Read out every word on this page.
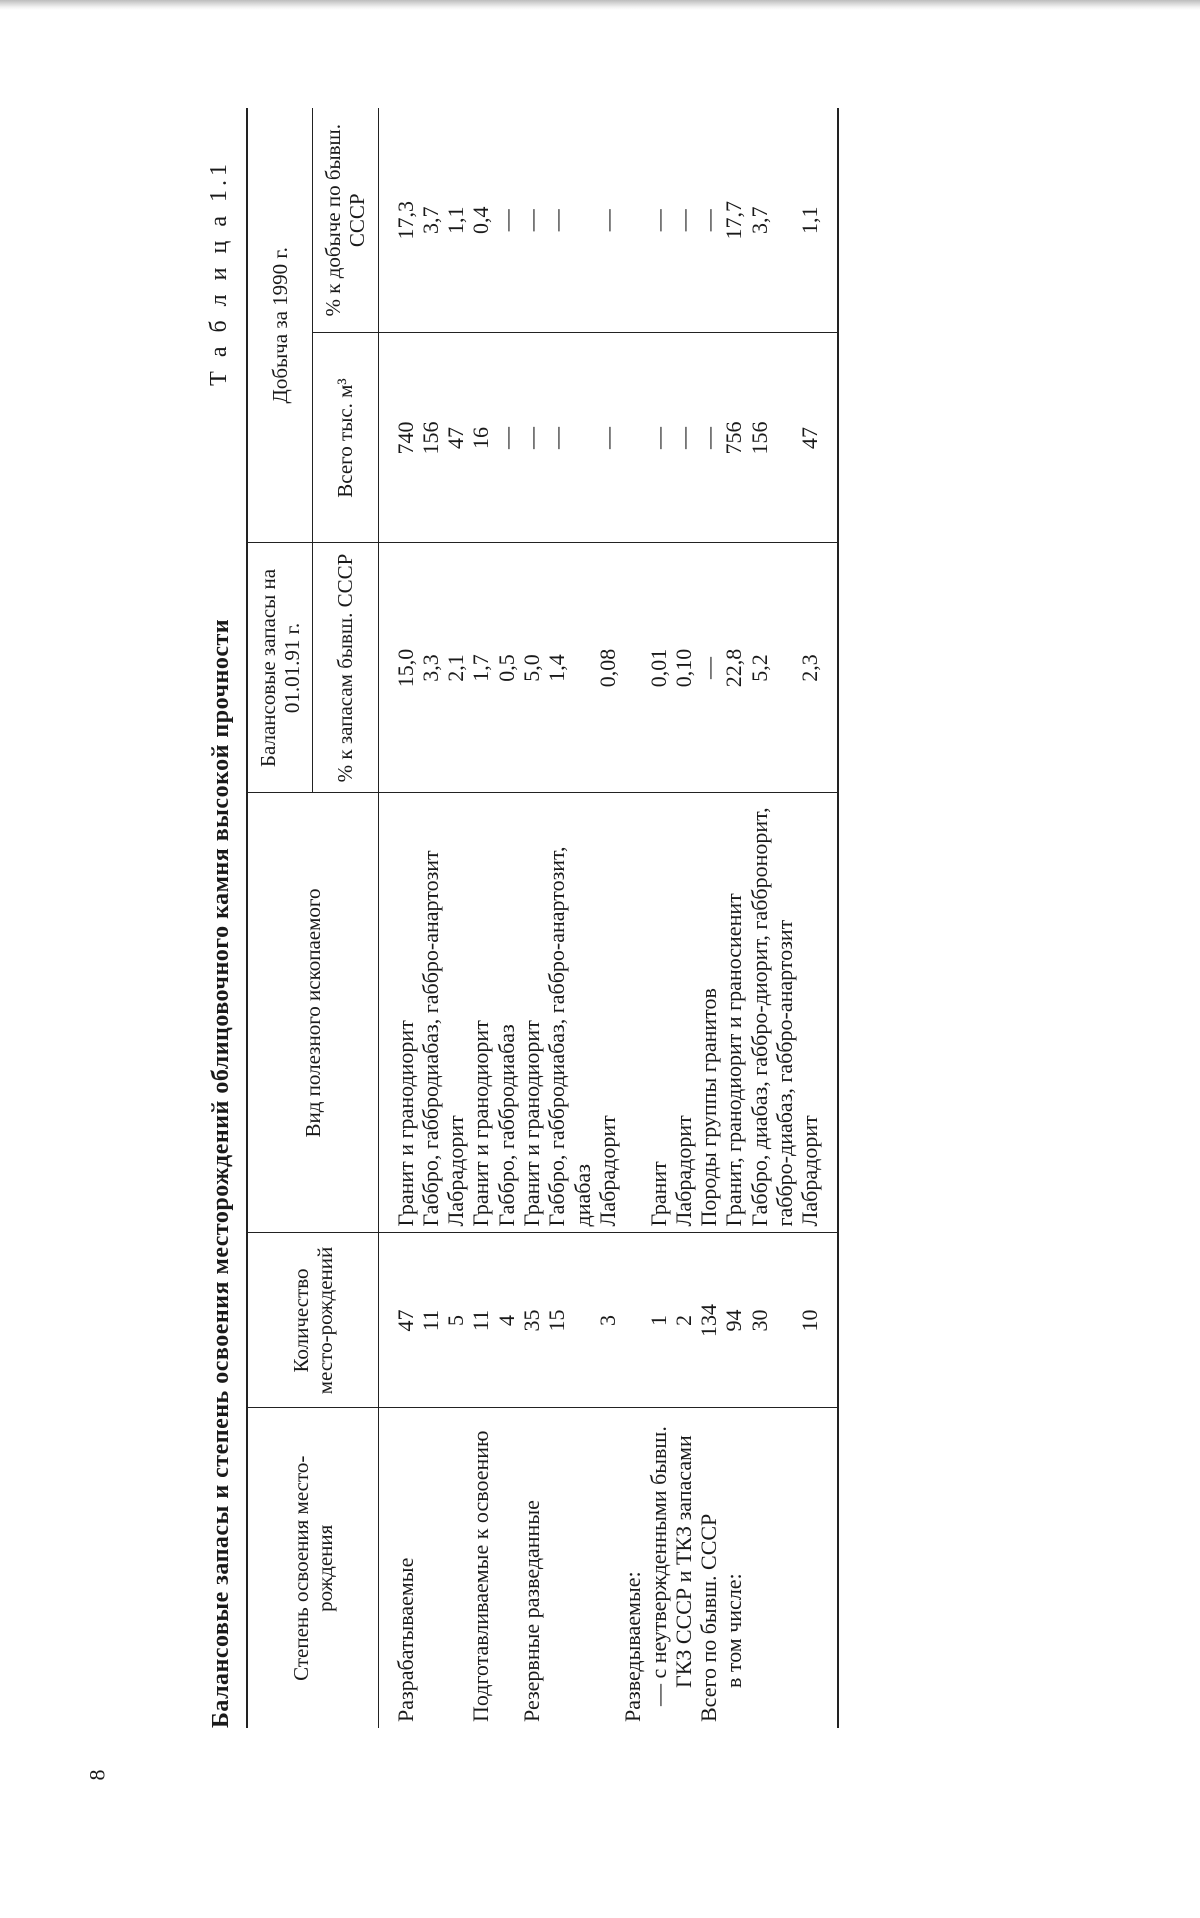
8
Т а б л и ц а 1.1
Балансовые запасы и степень освоения месторождений облицовочного камня высокой прочности	Степень освоения место-рождения	Количество место-рождений	Вид полезного ископаемого	Балансовые запасы на 01.01.91 г.	Добыча за 1990 г.	
			% к запасам бывш. СССР	Всего тыс. м³	% к добыче по бывш. СССР
Разрабатываемые	47	Гранит и гранодиорит	15,0	740	17,3
	11	Габбро, габбродиабаз, габбро-анартозит	3,3	156	3,7
	5	Лабрадорит	2,1	47	1,1
Подготавливаемые к освоению	11	Гранит и гранодиорит	1,7	16	0,4
	4	Габбро, габбродиабаз	0,5	—	—
Резервные разведанные	35	Гранит и гранодиорит	5,0	—	—
	15	Габбро, габбродиабаз, габбро-анартозит, диабаз	1,4	—	—
	3	Лабрадорит	0,08	—	—
Разведываемые:					
— с неутвержденными бывш.	1	Гранит	0,01	—	—
ГКЗ СССР и ТКЗ запасами	2	Лабрадорит	0,10	—	—
Всего по бывш. СССР	134	Породы группы гранитов	—	—	—
в том числе:	94	Гранит, гранодиорит и граносиенит	22,8	756	17,7
	30	Габбро, диабаз, габбро-диорит, габбронорит, габбро-диабаз, габбро-анартозит	5,2	156	3,7
	10	Лабрадорит	2,3	47	1,1
